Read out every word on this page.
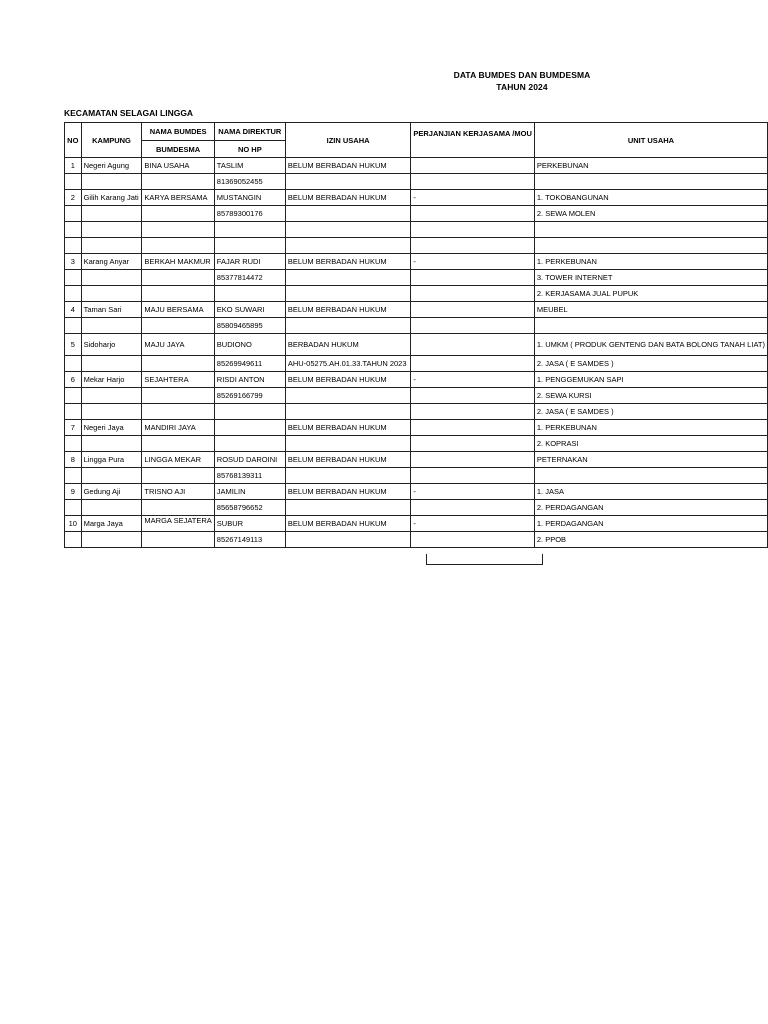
DATA BUMDES DAN BUMDESMA
TAHUN 2024
KECAMATAN SELAGAI LINGGA
NO	KAMPUNG	NAMA BUMDES	NAMA DIREKTUR	IZIN USAHA	PERJANJIAN KERJASAMA /MOU	UNIT USAHA
		BUMDESMA	NO HP			
1	Negeri Agung	BINA USAHA	TASLIM	BELUM BERBADAN HUKUM		PERKEBUNAN
			81369052455			
2	Gilih Karang Jati	KARYA BERSAMA	MUSTANGIN	BELUM BERBADAN HUKUM	-	1. TOKOBANGUNAN
			85789300176			2. SEWA MOLEN

3	Karang Anyar	BERKAH MAKMUR	FAJAR RUDI	BELUM BERBADAN HUKUM	-	1. PERKEBUNAN
			85377814472			3. TOWER INTERNET
						2. KERJASAMA JUAL PUPUK
4	Taman Sari	MAJU BERSAMA	EKO SUWARI	BELUM BERBADAN HUKUM		MEUBEL
			85809465895			
5	Sidoharjo	MAJU JAYA	BUDIONO	BERBADAN HUKUM		1. UMKM ( PRODUK GENTENG DAN BATA BOLONG TANAH LIAT)
			85269949611	AHU-05275.AH.01.33.TAHUN 2023		2. JASA ( E SAMDES )
6	Mekar Harjo	SEJAHTERA	RISDI ANTON	BELUM BERBADAN HUKUM	-	1. PENGGEMUKAN SAPI
			85269166799			2. SEWA KURSI
						2. JASA ( E SAMDES )
7	Negeri Jaya	MANDIRI JAYA		BELUM BERBADAN HUKUM		1. PERKEBUNAN
						2. KOPRASI
8	Lingga Pura	LINGGA MEKAR	ROSUD DAROINI	BELUM BERBADAN HUKUM		PETERNAKAN
			85768139311			
9	Gedung Aji	TRISNO AJI	JAMILIN	BELUM BERBADAN HUKUM	-	1. JASA
			85658796652			2. PERDAGANGAN
10	Marga Jaya	MARGA SEJATERA	SUBUR	BELUM BERBADAN HUKUM	-	1. PERDAGANGAN
			85267149113			2. PPOB
